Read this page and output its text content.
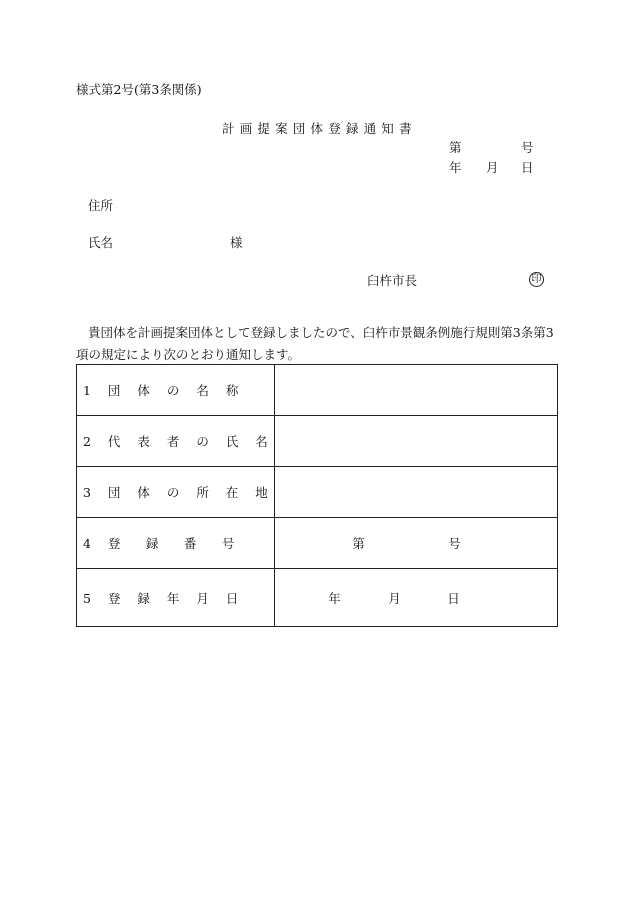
様式第2号(第3条関係)
計画提案団体登録通知書
第	号
年 月 日
住所
氏名	様
臼杵市長	印
貴団体を計画提案団体として登録しましたので、臼杵市景観条例施行規則第3条第3項の規定により次のとおり通知します。
1 団 体 の 名 称	
2 代 表 者 の 氏 名	
3 団 体 の 所 在 地	
4 登　録　番　号	第 号

5 登 録 年 月 日	年 月 日
